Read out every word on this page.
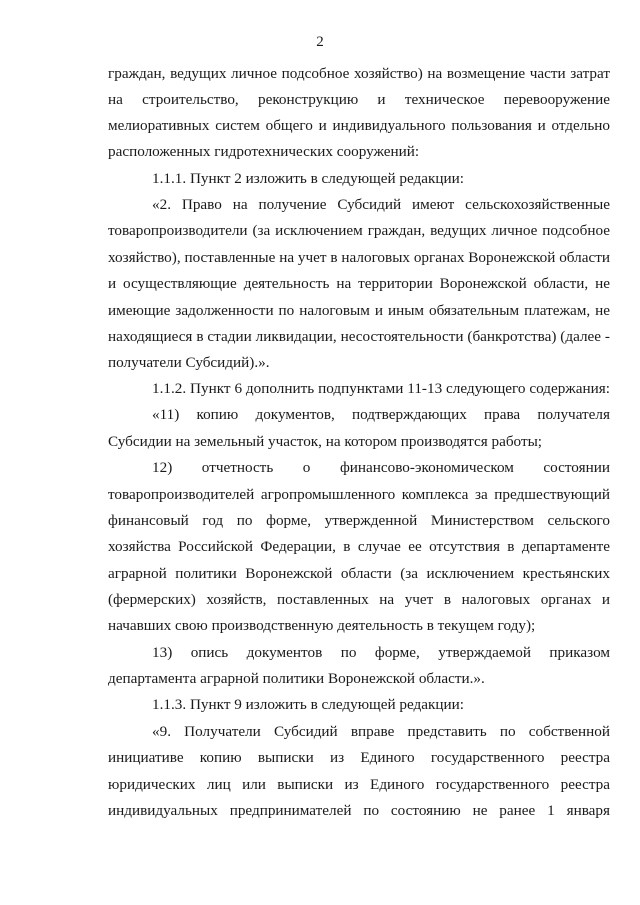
2
граждан, ведущих личное подсобное хозяйство) на возмещение части затрат
на строительство, реконструкцию и техническое перевооружение
мелиоративных систем общего и индивидуального пользования и отдельно
расположенных гидротехнических сооружений:
1.1.1. Пункт 2 изложить в следующей редакции:
«2. Право на получение Субсидий имеют сельскохозяйственные
товаропроизводители (за исключением граждан, ведущих личное подсобное
хозяйство), поставленные на учет в налоговых органах Воронежской области
и осуществляющие деятельность на территории Воронежской области, не
имеющие задолженности по налоговым и иным обязательным платежам, не
находящиеся в стадии ликвидации, несостоятельности (банкротства) (далее -
получатели Субсидий).».
1.1.2. Пункт 6 дополнить подпунктами 11-13 следующего содержания:
«11) копию документов, подтверждающих права получателя
Субсидии на земельный участок, на котором производятся работы;
12) отчетность о финансово-экономическом состоянии
товаропроизводителей агропромышленного комплекса за предшествующий
финансовый год по форме, утвержденной Министерством сельского
хозяйства Российской Федерации, в случае ее отсутствия в департаменте
аграрной политики Воронежской области (за исключением крестьянских
(фермерских) хозяйств, поставленных на учет в налоговых органах и
начавших свою производственную деятельность в текущем году);
13) опись документов по форме, утверждаемой приказом
департамента аграрной политики Воронежской области.».
1.1.3. Пункт 9 изложить в следующей редакции:
«9. Получатели Субсидий вправе представить по собственной
инициативе копию выписки из Единого государственного реестра
юридических лиц или выписки из Единого государственного реестра
индивидуальных предпринимателей по состоянию не ранее 1 января
